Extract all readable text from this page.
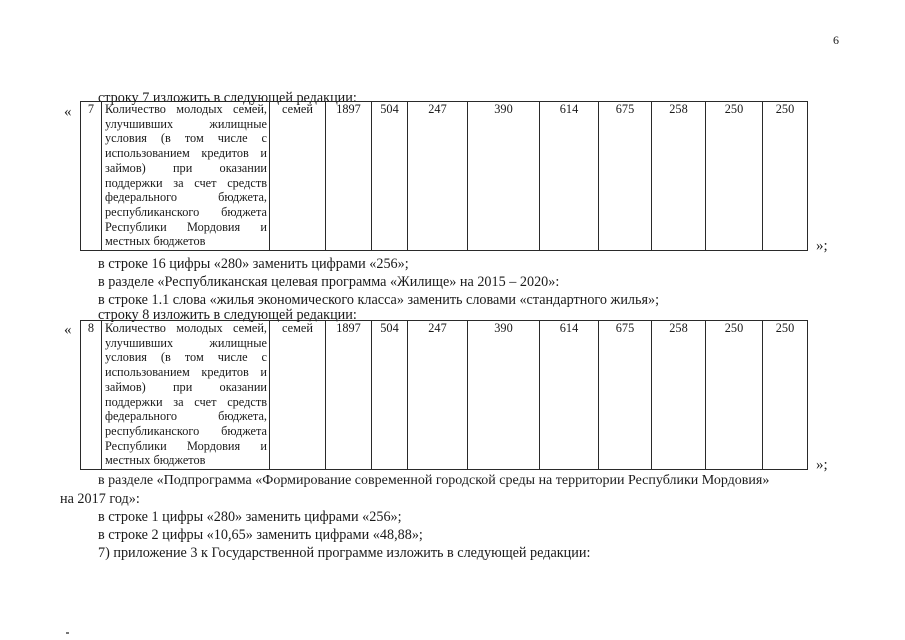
6
строку 7 изложить в следующей редакции:
« 7	Количество молодых семей,
улучшивших жилищные
условия (в том числе с
использованием кредитов и
займов) при оказании
поддержки за счет средств
федерального бюджета,
республиканского бюджета
Республики Мордовия и
местных бюджетов
	семей	1897	504	247	390	614	675	258	250	250
»;
в строке 16 цифры «280» заменить цифрами «256»;
в разделе «Республиканская целевая программа «Жилище» на 2015 – 2020»:
в строке 1.1 слова «жилья экономического класса» заменить словами «стандартного жилья»;
строку 8 изложить в следующей редакции:
« 8	Количество молодых семей,
улучшивших жилищные
условия (в том числе с
использованием кредитов и
займов) при оказании
поддержки за счет средств
федерального бюджета,
республиканского бюджета
Республики Мордовия и
местных бюджетов
	семей	1897	504	247	390	614	675	258	250	250
»;
в разделе «Подпрограмма «Формирование современной городской среды на территории Республики Мордовия»
на 2017 год»:
в строке 1 цифры «280» заменить цифрами «256»;
в строке 2 цифры «10,65» заменить цифрами «48,88»;
7) приложение 3 к Государственной программе изложить в следующей редакции:
